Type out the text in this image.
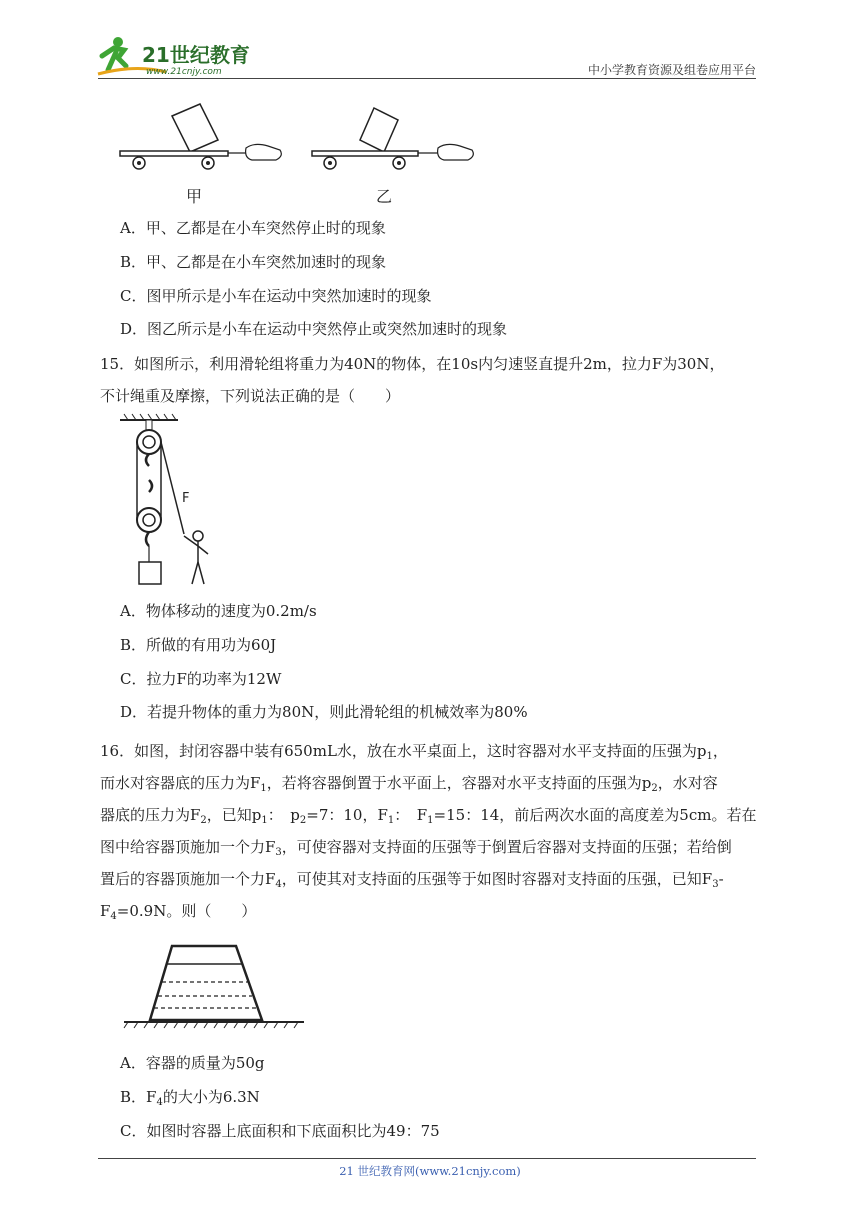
21世纪教育
www.21cnjy.com	中小学教育资源及组卷应用平台
甲	乙
A．甲、乙都是在小车突然停止时的现象
B．甲、乙都是在小车突然加速时的现象
C．图甲所示是小车在运动中突然加速时的现象
D．图乙所示是小车在运动中突然停止或突然加速时的现象
15．如图所示，利用滑轮组将重力为40N的物体，在10s内匀速竖直提升2m，拉力F为30N，
不计绳重及摩擦，下列说法正确的是（　　）
F
A．物体移动的速度为0.2m/s
B．所做的有用功为60J
C．拉力F的功率为12W
D．若提升物体的重力为80N，则此滑轮组的机械效率为80%
16．如图，封闭容器中装有650mL水，放在水平桌面上，这时容器对水平支持面的压强为$p_1$，
而水对容器底的压力为$F_1$，若将容器倒置于水平面上，容器对水平支持面的压强为$p_2$，水对容
器底的压力为$F_2$，已知$p_1$：　$p_2=7$：10，$F_1$：　$F_1=15$：14，前后两次水面的高度差为5cm。若在
图中给容器顶施加一个力$F_3$，可使容器对支持面的压强等于倒置后容器对支持面的压强；若给倒
置后的容器顶施加一个力$F_4$，可使其对支持面的压强等于如图时容器对支持面的压强，已知$F_3-$
$F_4=0.9N$。则（　　）
A．容器的质量为50g
B．$F_4$的大小为6.3N
C．如图时容器上底面积和下底面积比为49：75
21 世纪教育网(www.21cnjy.com)
